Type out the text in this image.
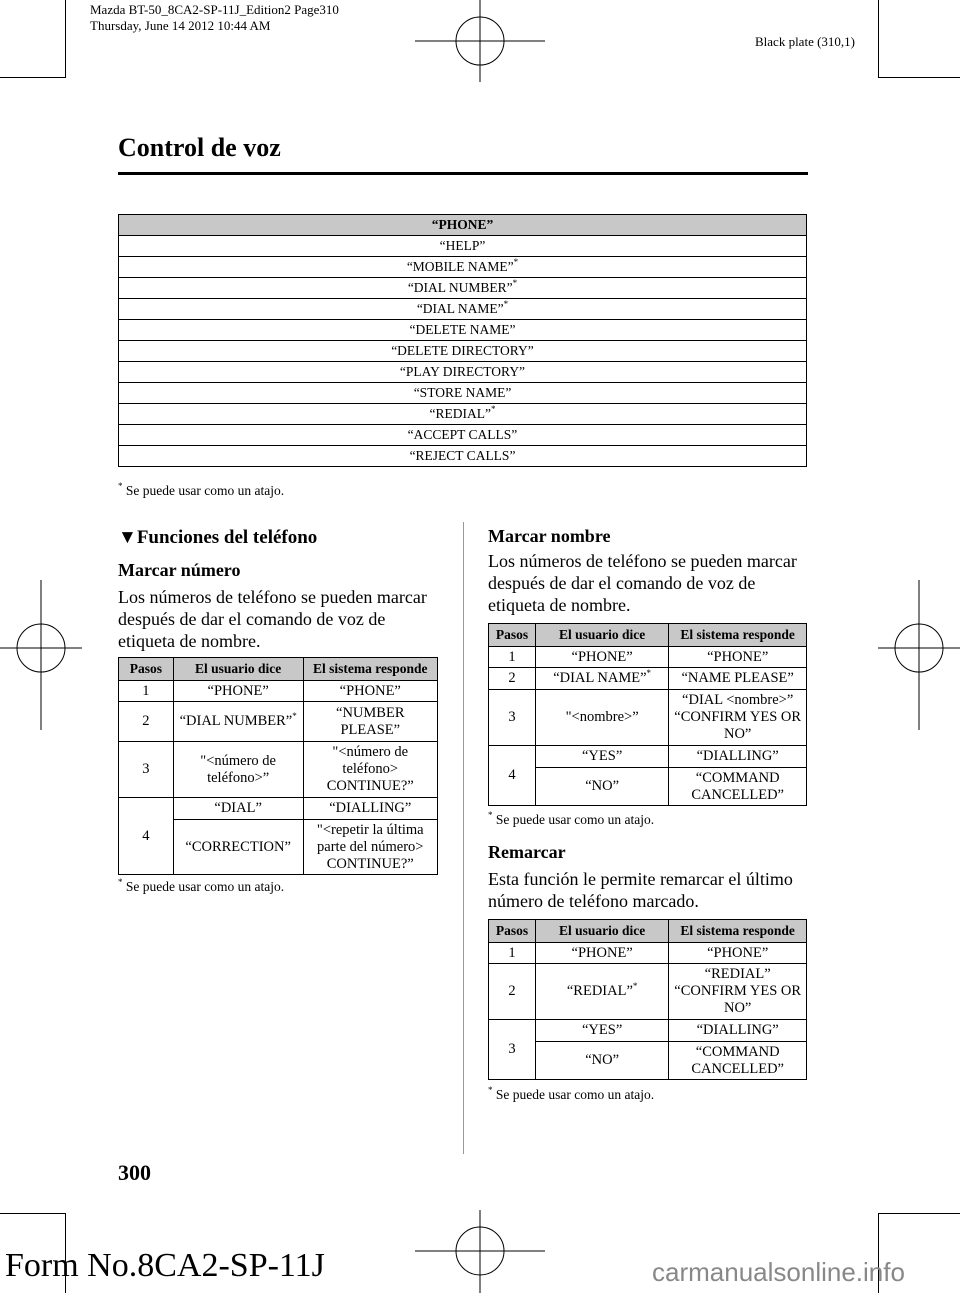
Mazda BT-50_8CA2-SP-11J_Edition2 Page310
Thursday, June 14 2012 10:44 AM
Black plate (310,1)
Control de voz
“PHONE”
“HELP”
“MOBILE NAME”*
“DIAL NUMBER”*
“DIAL NAME”*
“DELETE NAME”
“DELETE DIRECTORY”
“PLAY DIRECTORY”
“STORE NAME”
“REDIAL”*
“ACCEPT CALLS”
“REJECT CALLS”
* Se puede usar como un atajo.
▼Funciones del teléfono
Marcar número
Los números de teléfono se pueden marcar después de dar el comando de voz de etiqueta de nombre.
Pasos	El usuario dice	El sistema responde
1	“PHONE”	“PHONE”
2	“DIAL NUMBER”*	“NUMBER PLEASE”
3	"<número de teléfono>”	"<número de teléfono> CONTINUE?”
4	“DIAL”	“DIALLING”
	“CORRECTION”	"<repetir la última parte del número> CONTINUE?”
* Se puede usar como un atajo.
Marcar nombre
Los números de teléfono se pueden marcar después de dar el comando de voz de etiqueta de nombre.
Pasos	El usuario dice	El sistema responde
1	“PHONE”	“PHONE”
2	“DIAL NAME”*	“NAME PLEASE”
3	"<nombre>”	“DIAL <nombre>” “CONFIRM YES OR NO”
4	“YES”	“DIALLING”
	“NO”	“COMMAND CANCELLED”
* Se puede usar como un atajo.
Remarcar
Esta función le permite remarcar el último número de teléfono marcado.
Pasos	El usuario dice	El sistema responde
1	“PHONE”	“PHONE”
2	“REDIAL”*	“REDIAL” “CONFIRM YES OR NO”
3	“YES”	“DIALLING”
	“NO”	“COMMAND CANCELLED”
* Se puede usar como un atajo.
300
Form No.8CA2-SP-11J	carmanualsonline.info
